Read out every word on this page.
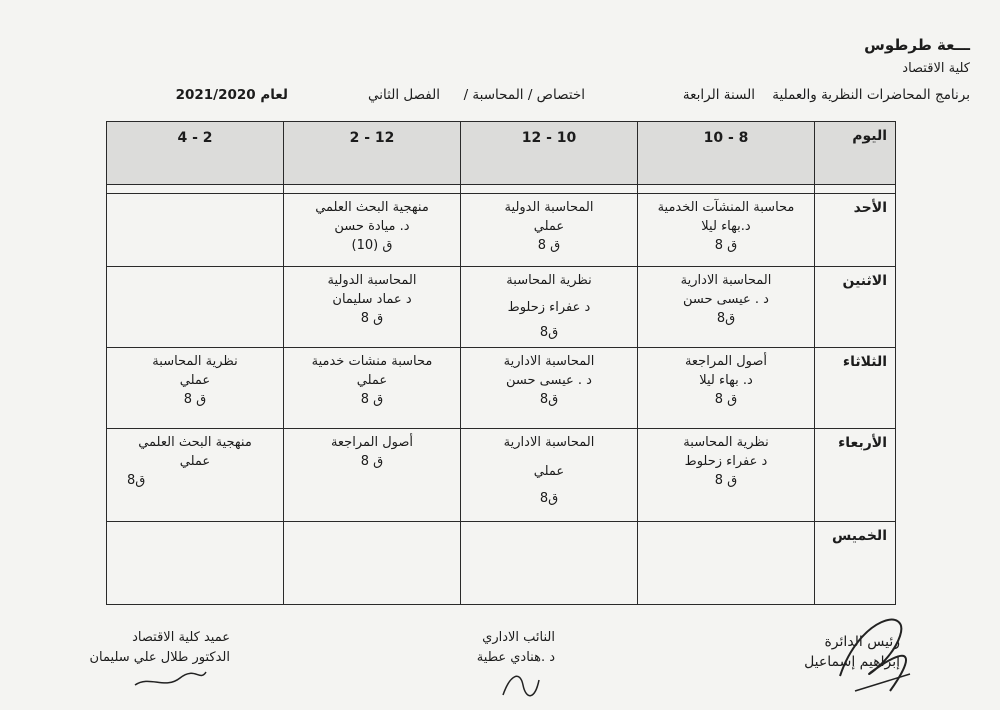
ـــعة طرطوس
كلية الاقتصاد
برنامج المحاضرات النظرية والعملية
السنة الرابعة
اختصاص / المحاسبة /
الفصل الثاني
لعام 2021/2020
اليوم	10 - 8	12 - 10	2 - 12	4 - 2

الأحد	محاسبة المنشآت الخدمية
د.بهاء ليلا
ق 8	المحاسبة الدولية
عملي
ق 8	منهجية البحث العلمي
د. ميادة حسن
ق (10)	

الاثنين	المحاسبة الادارية
د . عيسى حسن
ق8	نظرية المحاسبة
د عفراء زحلوط
ق8	المحاسبة الدولية
د عماد سليمان
ق 8	

الثلاثاء	أصول المراجعة
د. بهاء ليلا
ق 8	المحاسبة الادارية
د . عيسى حسن
ق8	محاسبة منشات خدمية
عملي
ق 8	نظرية المحاسبة
عملي
ق 8

الأربعاء	نظرية المحاسبة
د عفراء زحلوط
ق 8	المحاسبة الادارية
عملي
ق8	أصول المراجعة
ق 8	منهجية البحث العلمي
عملي
ق8

الخميس				
عميد كلية الاقتصاد
الدكتور طلال علي سليمان
النائب الاداري
د .هنادي عطية
رئيس الدائرة
إبراهيم إسماعيل
